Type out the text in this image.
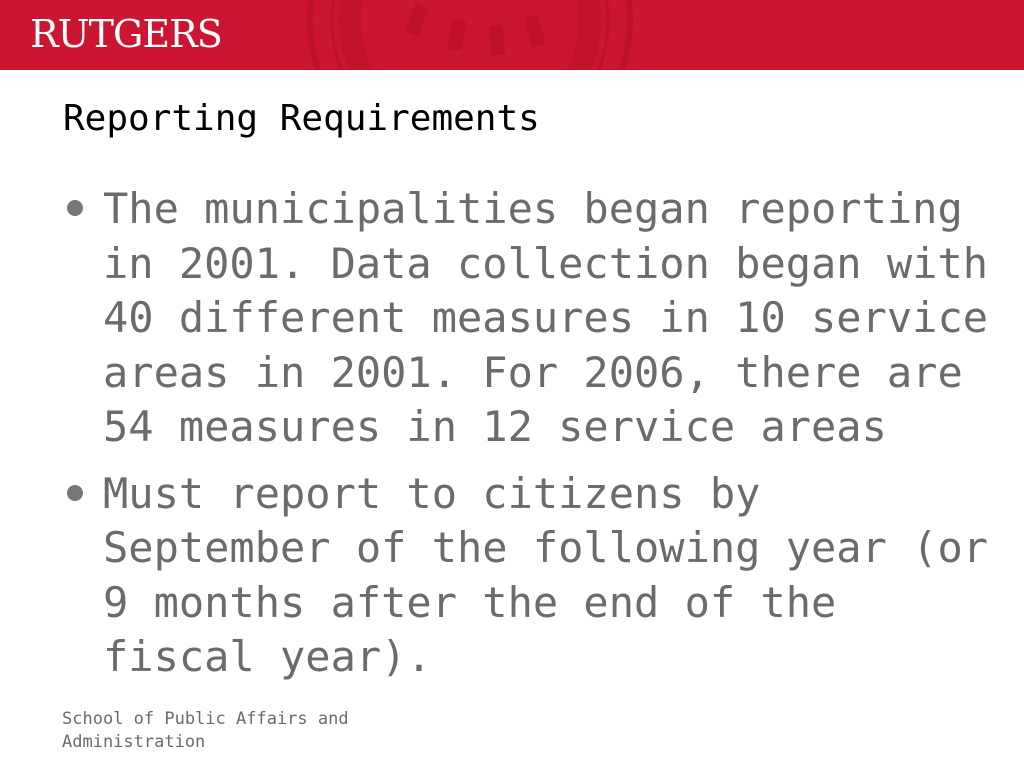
RUTGERS
Reporting Requirements
The municipalities began reporting in 2001. Data collection began with 40 different measures in 10 service areas in 2001. For 2006, there are 54 measures in 12 service areas
Must report to citizens by September of the following year (or 9 months after the end of the fiscal year).
School of Public Affairs and Administration
